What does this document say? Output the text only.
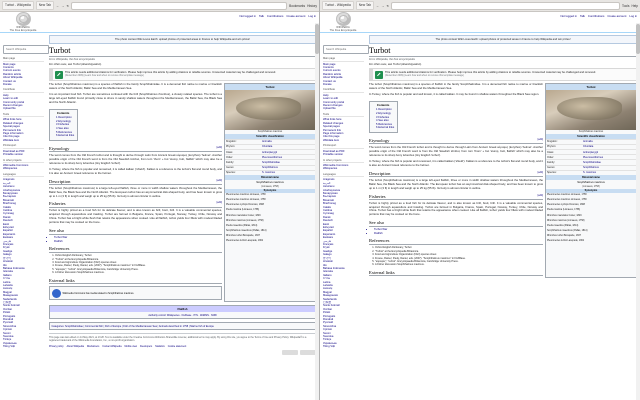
Turbot - Wikipedia	New Tab	← → ↻	Bookmarks History
WIKIPEDIA
The Free Encyclopedia
Not logged in Talk Contributions Create account Log in
Search Wikipedia
Main page
Main page
Contents
Current events
Random article
About Wikipedia
Contact us
Donate
Contribute
Help
Learn to edit
Community portal
Recent changes
Upload file
Tools
What links here
Related changes
Special pages
Permanent link
Page information
Cite this page
Wikidata item
Print/export
Download as PDF
Printable version
In other projects
Wikimedia Commons
Wikispecies
Languages
Aragonés
العربية
Asturianu
Azərbaycanca
Беларуская
Български
Bosanski
Brezhoneg
Català
Čeština
Cymraeg
Dansk
Deutsch
Eesti
Ελληνικά
Español
Esperanto
Euskara
فارسی
Français
Frysk
Gaeilge
Galego
한국어
Hrvatski
Ido
Bahasa Indonesia
Íslenska
Italiano
עברית
Latina
Latviešu
Lietuvių
Magyar
Македонски
Nederlands
日本語
Norsk bokmål
Occitan
Polski
Português
Română
Русский
Slovenčina
Српски
Suomi
Svenska
Türkçe
Українська
Tiếng Việt
The photo contest Wiki Loves Earth: upload photos of protected areas in France to help Wikipedia and win prizes!
Turbot
From Wikipedia, the free encyclopedia
For other uses, see Turbot (disambiguation).
This article needs additional citations for verification. Please help improve this article by adding citations to reliable sources. Unsourced material may be challenged and removed.
(December 2009) (Learn how and when to remove this template message)

The turbot (Scophthalmus maximus) is a species of flatfish in the family Scophthalmidae. It is a demersal fish native to marine or brackish waters of the North Atlantic, Baltic Sea and the Mediterranean Sea.

It is an important food fish. Turbot are sometimes confused with the brill (Scophthalmus rhombus), a closely related species. The turbot is a large left-eyed flatfish found primarily close to shore in sandy shallow waters throughout the Mediterranean, the Baltic Sea, the Black Sea and the North Atlantic.

Contents
1 Description
2 Etymology
3 Fisheries
4 See also
5 References
6 External links
[edit]
Etymology

The word comes from the Old French turbot and is thought to derive through Latin from Ancient Greek κόρυφος (korythos) 'helmet'. Another possible origin of the Old French word is from the Old Swedish törnbut, from torn 'thorn' + but 'stump, butt, flatfish' which may also be a reference to its sharp bony tubercles (tiny English 'turbot').

In Turkey, where the fish is popular and renowned, it is called kalkan ('shield'). Kalkan is a reference to the turbot's flat and round body, and it is also an Ancient Greek reference to the helmet.

[edit]
Description

The turbot (Scophthalmus maximus) is a large left-eyed flatfish, three or more in width shallow waters throughout the Mediterranean, the Baltic Sea, the Black Sea and the North Atlantic. The European turbot has an asymmetrical disk-shaped body, and has been known to grow up to 1 m (3 ft) in length and weigh up to 25 kg (55 lb). Its body is almost circular in outline.

[edit]
Fisheries

Turbot is highly prized as a food fish for its delicate flavour, and is also known as brill, brett, brill. It is a valuable commercial species, acquired through aquaculture and trawling. Turbot are farmed in Bulgaria, France, Spain, Portugal, Norway, Turkey, Chile, Norway and China. Turbot has a bright white flesh that retains the appearance when cooked. Like all flatfish, turbot yields four fillets with modest bladed portions that may be cooked on the bone.

See also
• Turbot War
• Flatfish
References
1. Oxford English Dictionary, Turbot
2. "Turbot" at the Encyclopedia Britannica
3. Food and Agriculture Organization (FAO) species sheet
4. Froese, Rainer; Pauly, Daniel, eds. (2007). "Scophthalmus maximus" in FishBase.
5. "κόρυφος", "turbot". Encyclopaedia Britannica, Cambridge University Press.
6. A Fisher discussion Scophthalmus maximus.
External links
Wikimedia Commons has media related to Scophthalmus maximus.
Turbot
Scophthalmus maximus
Scientific classification
Kingdom:	Animalia
Phylum:	Chordata
Class:	Actinopterygii
Order:	Pleuronectiformes
Family:	Scophthalmidae
Genus:	Scophthalmus
Species:	S. maximus
Binomial name
Scophthalmus maximus
(Linnaeus, 1758)
Synonyms
Pleuronectes maximus Linnaeus, 1758
Pleuronectes maximus Linnaeus, 1758
Pleuronectes cyclops Donovan, 1808
Psetta maxima (Linnaeus, 1758)
Rhombus maculatus Cuvier, 1829
Rhombus maximus (Linnaeus, 1758)
Psetta maeotica (Pallas, 1814)
Scophthalmus maeoticus (Pallas, 1814)
Rhombus turbot Bonaparte, 1837
Pleuronectes turbot Lacepède, 1802
Flatfish
Authority control: Wikispecies · Fishbase · ITIS · WoRMS · NCBI
Categories: Scophthalmidae | Commercial fish | Fish of Europe | Fish of the Mediterranean Sea | Animals described in 1758 | Marine fish of Europe
This page was last edited on 14 May 2021, at 13:28. Text is available under the Creative Commons Attribution-ShareAlike License; additional terms may apply. By using this site, you agree to the Terms of Use and Privacy Policy. Wikipedia® is a registered trademark of the Wikimedia Foundation, Inc., a non-profit organization.
Privacy policy About Wikipedia Disclaimers Contact Wikipedia Mobile view Developers Statistics Cookie statement
Turbot - Wikipedia	New Tab	← → ↻	Tools Help
WIKIPEDIA
The Free Encyclopedia
Not logged in Talk Contributions Create account Log in
Search Wikipedia
Main page
Main page
Contents
Current events
Random article
About Wikipedia
Contact us
Donate
Contribute
Help
Learn to edit
Community portal
Recent changes
Upload file
Tools
What links here
Related changes
Special pages
Permanent link
Page information
Cite this page
Wikidata item
Print/export
Download as PDF
Printable version
In other projects
Wikimedia Commons
Wikispecies
Languages
Aragonés
العربية
Asturianu
Azərbaycanca
Беларуская
Български
Bosanski
Brezhoneg
Català
Čeština
Cymraeg
Dansk
Deutsch
Eesti
Ελληνικά
Español
Esperanto
Euskara
فارسی
Français
Frysk
Gaeilge
Galego
한국어
Hrvatski
Ido
Bahasa Indonesia
Íslenska
Italiano
עברית
Latina
Latviešu
Lietuvių
Magyar
Македонски
Nederlands
日本語
Norsk bokmål
Occitan
Polski
Português
Română
Русский
Slovenčina
Српски
Suomi
Svenska
Türkçe
Українська
Tiếng Việt
The photo contest Wiki Loves Earth: upload photos of protected areas in France to help Wikipedia and win prizes!
Turbot
From Wikipedia, the free encyclopedia
For other uses, see Turbot (disambiguation).
This article needs additional citations for verification. Please help improve this article by adding citations to reliable sources. Unsourced material may be challenged and removed.
(December 2009) (Learn how and when to remove this template message)

The turbot (Scophthalmus maximus) is a species of flatfish in the family Scophthalmidae. It is a demersal fish native to marine or brackish waters of the North Atlantic, Baltic Sea and the Mediterranean Sea.

In Turkey, where the fish is popular and well known, it is called kalkan. It may be found in shallow waters throughout the Black Sea region.

Contents
1 Description
2 Etymology
3 Fisheries
4 See also
5 References
6 External links
[edit]
Etymology

The word comes from the Old French turbot and is thought to derive through Latin from Ancient Greek κόρυφος (korythos) 'helmet'. Another possible origin of the Old French word is from the Old Swedish törnbut, from torn 'thorn' + but 'stump, butt, flatfish' which may also be a reference to its sharp bony tubercles (tiny English 'turbot').

In Turkey, where the fish is popular and renowned, it is called kalkan ('shield'). Kalkan is a reference to the turbot's flat and round body, and it is also an Ancient Greek reference to the helmet.

[edit]
Description

The turbot (Scophthalmus maximus) is a large left-eyed flatfish, three or more in width shallow waters throughout the Mediterranean, the Baltic Sea, the Black Sea and the North Atlantic. The European turbot has an asymmetrical disk-shaped body, and has been known to grow up to 1 m (3 ft) in length and weigh up to 25 kg (55 lb). Its body is almost circular in outline.

[edit]
Fisheries

Turbot is highly prized as a food fish for its delicate flavour, and is also known as brill, brett, brill. It is a valuable commercial species, acquired through aquaculture and trawling. Turbot are farmed in Bulgaria, France, Spain, Portugal, Norway, Turkey, Chile, Norway and China. Turbot has a bright white flesh that retains the appearance when cooked. Like all flatfish, turbot yields four fillets with modest bladed portions that may be cooked on the bone.

See also
• Turbot War
• Flatfish
References
1. Oxford English Dictionary, Turbot
2. "Turbot" at the Encyclopedia Britannica
3. Food and Agriculture Organization (FAO) species sheet
4. Froese, Rainer; Pauly, Daniel, eds. (2007). "Scophthalmus maximus" in FishBase.
5. "κόρυφος", "turbot". Encyclopaedia Britannica, Cambridge University Press.
6. A Fisher discussion Scophthalmus maximus.
External links
Turbot
Scophthalmus maximus
Scientific classification
Kingdom:	Animalia
Phylum:	Chordata
Class:	Actinopterygii
Order:	Pleuronectiformes
Family:	Scophthalmidae
Genus:	Scophthalmus
Species:	S. maximus
Binomial name
Scophthalmus maximus
(Linnaeus, 1758)
Synonyms
Pleuronectes maximus Linnaeus, 1758
Pleuronectes maximus Linnaeus, 1758
Pleuronectes cyclops Donovan, 1808
Psetta maxima (Linnaeus, 1758)
Rhombus maculatus Cuvier, 1829
Rhombus maximus (Linnaeus, 1758)
Psetta maeotica (Pallas, 1814)
Scophthalmus maeoticus (Pallas, 1814)
Rhombus turbot Bonaparte, 1837
Pleuronectes turbot Lacepède, 1802
